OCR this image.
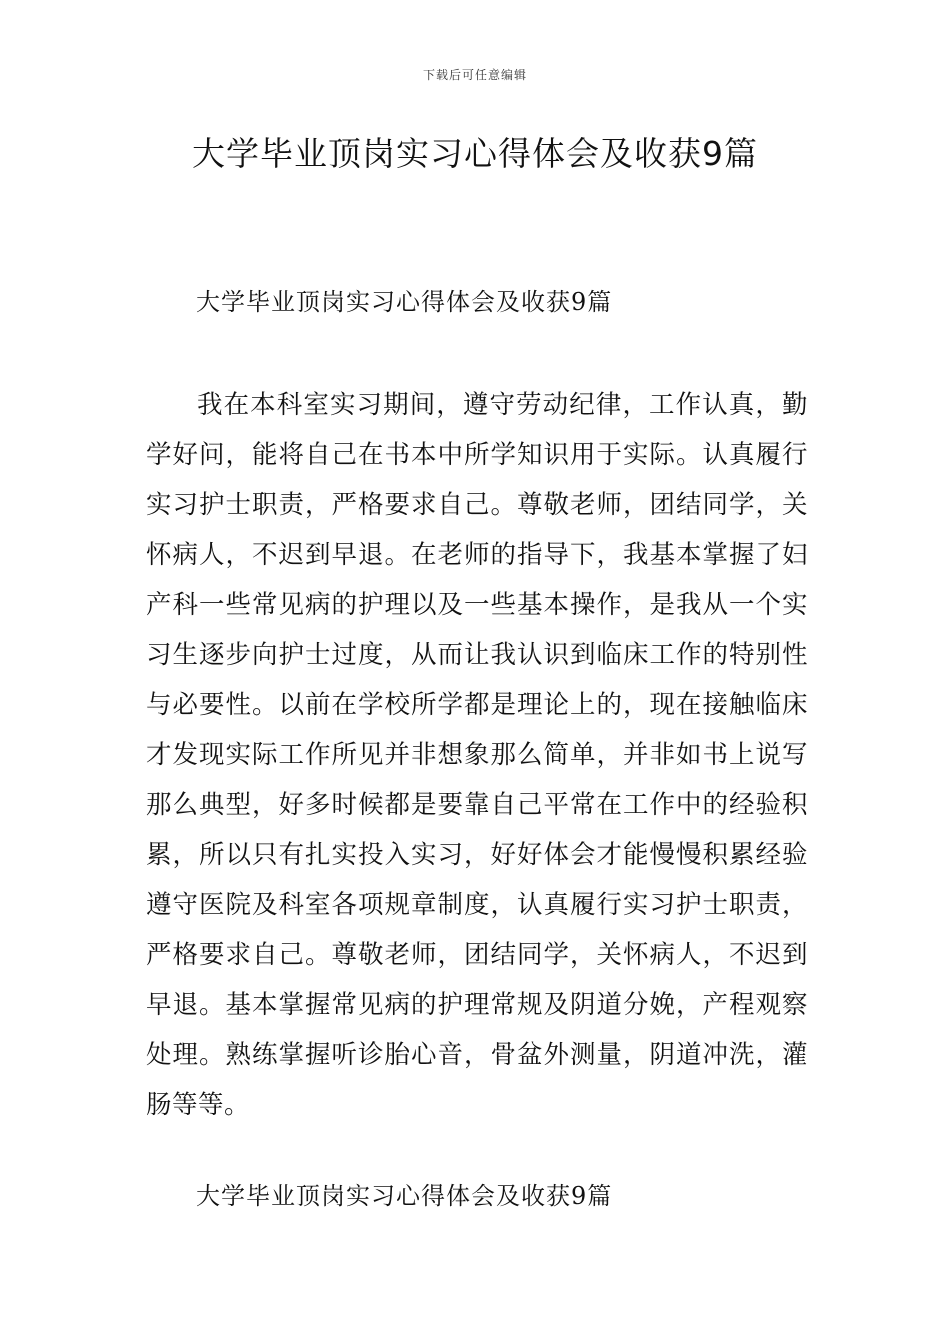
下载后可任意编辑
大学毕业顶岗实习心得体会及收获9篇
大学毕业顶岗实习心得体会及收获9篇

我在本科室实习期间，遵守劳动纪律，工作认真，勤学好问，能将自己在书本中所学知识用于实际。认真履行实习护士职责，严格要求自己。尊敬老师，团结同学，关怀病人，不迟到早退。在老师的指导下，我基本掌握了妇产科一些常见病的护理以及一些基本操作，是我从一个实习生逐步向护士过度，从而让我认识到临床工作的特别性与必要性。以前在学校所学都是理论上的，现在接触临床才发现实际工作所见并非想象那么简单，并非如书上说写那么典型，好多时候都是要靠自己平常在工作中的经验积累，所以只有扎实投入实习，好好体会才能慢慢积累经验遵守医院及科室各项规章制度，认真履行实习护士职责，严格要求自己。尊敬老师，团结同学，关怀病人，不迟到早退。基本掌握常见病的护理常规及阴道分娩，产程观察处理。熟练掌握听诊胎心音，骨盆外测量，阴道冲洗，灌肠等等。

大学毕业顶岗实习心得体会及收获9篇
